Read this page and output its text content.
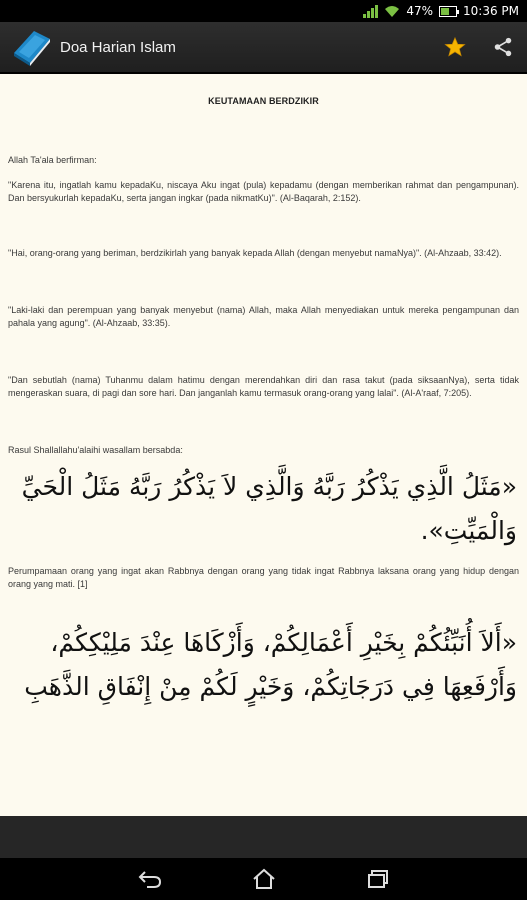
47%	10:36 PM
Doa Harian Islam
KEUTAMAAN BERDZIKIR
Allah Ta'ala berfirman:
"Karena itu, ingatlah kamu kepadaKu, niscaya Aku ingat (pula) kepadamu (dengan memberikan rahmat dan pengampunan). Dan bersyukurlah kepadaKu, serta jangan ingkar (pada nikmatKu)". (Al-Baqarah, 2:152).
"Hai, orang-orang yang beriman, berdzikirlah yang banyak kepada Allah (dengan menyebut namaNya)". (Al-Ahzaab, 33:42).
"Laki-laki dan perempuan yang banyak menyebut (nama) Allah, maka Allah menyediakan untuk mereka pengampunan dan pahala yang agung". (Al-Ahzaab, 33:35).
"Dan sebutlah (nama) Tuhanmu dalam hatimu dengan merendahkan diri dan rasa takut (pada siksaanNya), serta tidak mengeraskan suara, di pagi dan sore hari. Dan janganlah kamu termasuk orang-orang yang lalai". (Al-A'raaf, 7:205).
Rasul Shallallahu'alaihi wasallam bersabda:
«مَثَلُ الَّذِي يَذْكُرُ رَبَّهُ وَالَّذِي لاَ يَذْكُرُ رَبَّهُ مَثَلُ الْحَيِّ وَالْمَيِّتِ».
Perumpamaan orang yang ingat akan Rabbnya dengan orang yang tidak ingat Rabbnya laksana orang yang hidup dengan orang yang mati. [1]
«أَلاَ أُنَبِّئُكُمْ بِخَيْرِ أَعْمَالِكُمْ، وَأَزْكَاهَا عِنْدَ مَلِيْكِكُمْ، وَأَرْفَعِهَا فِي دَرَجَاتِكُمْ، وَخَيْرٍ لَكُمْ مِنْ إِنْفَاقِ الذَّهَبِ
